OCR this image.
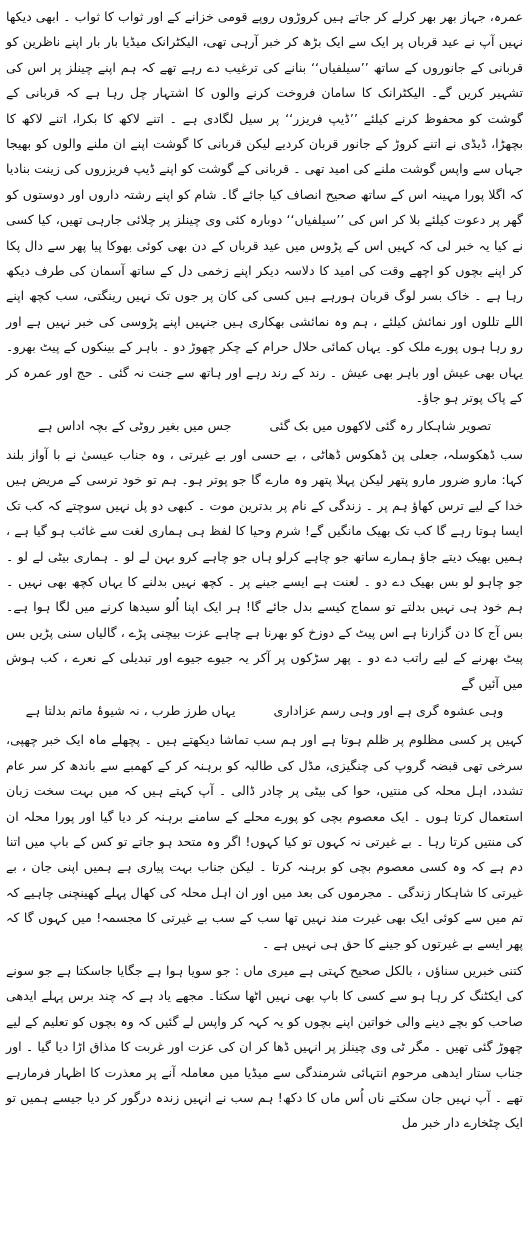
عمرہ، جہاز بھر بھر کرلے کر جاتے ہیں کروڑوں روپے قومی خزانے کے اور ثواب کا ثواب ۔ ابھی دیکھا نہیں آپ نے عید قرباں پر ایک سے ایک بڑھ کر خبر آرہی تھی، الیکٹرانک میڈیا بار بار اپنے ناظرین کو قربانی کے جانوروں کے ساتھ ’’سیلفیاں‘‘ بنانے کی ترغیب دے رہے تھے کہ ہم اپنے چینلز پر اس کی تشہیر کریں گے۔ الیکٹرانک کا سامان فروخت کرنے والوں کا اشتہار چل رہا ہے کہ قربانی کے گوشت کو محفوظ کرنے کیلئے ’’ڈیپ فریزر‘‘ پر سیل لگادی ہے ۔ اتنے لاکھ کا بکرا، اتنے لاکھ کا بچھڑا، ڈیڈی نے اتنے کروڑ کے جانور قربان کردیے لیکن قربانی کا گوشت اپنے ان ملنے والوں کو بھیجا جہاں سے واپس گوشت ملنے کی امید تھی ۔ قربانی کے گوشت کو اپنے ڈیپ فریزروں کی زینت بنادیا کہ اگلا پورا مہینہ اس کے ساتھ صحیح انصاف کیا جائے گا۔ شام کو اپنے رشتہ داروں اور دوستوں کو گھر پر دعوت کیلئے بلا کر اس کی ’’سیلفیاں‘‘ دوبارہ کئی وی چینلز پر چلائی جارہی تھیں، کیا کسی نے کیا یہ خبر لی کہ کہیں اس کے پڑوس میں عید قرباں کے دن بھی کوئی بھوکا پیا پھر سے دال پکا کر اپنے بچوں کو اچھے وقت کی امید کا دلاسہ دیکر اپنے زخمی دل کے ساتھ آسمان کی طرف دیکھ رہا ہے ۔ خاک بسر لوگ قربان ہورہے ہیں کسی کی کان پر جوں تک نہیں رینگتی، سب کچھ اپنے اللے تللوں اور نمائش کیلئے ، ہم وہ نمائشی بھکاری ہیں جنہیں اپنے پڑوسی کی خبر نہیں ہے اور رو رہا ہوں پورے ملک کو۔ یہاں کمائی حلال حرام کے چکر چھوڑ دو ۔ باہر کے بینکوں کے پیٹ بھرو۔ یہاں بھی عیش اور باہر بھی عیش ۔ رند کے رند رہے اور ہاتھ سے جنت نہ گئی ۔ حج اور عمرہ کر کے پاک پوتر ہو جاؤ۔

تصویر شاہکار رہ گئی لاکھوں میں بک گئی
جس میں بغیر روٹی کے بچہ اداس ہے

سب ڈھکوسلہ، جعلی پن ڈھکوس ڈھاٹی ، بے حسی اور بے غیرتی ، وہ جناب عیسیٰ نے با آواز بلند کہا: مارو ضرور مارو پتھر لیکن پہلا پتھر وہ مارے گا جو پوتر ہو۔ ہم تو خود ترسی کے مریض ہیں خدا کے لیے ترس کھاؤ ہم پر ۔ زندگی کے نام پر بدترین موت ۔ کبھی دو پل نہیں سوچتے کہ کب تک ایسا ہوتا رہے گا کب تک بھیک مانگیں گے! شرم وحیا کا لفظ ہی ہماری لغت سے غائب ہو گیا ہے ، ہمیں بھیک دیتے جاؤ ہمارے ساتھ جو چاہے کرلو ہاں جو چاہے کرو بہن لے لو ۔ ہماری بیٹی لے لو ۔ جو چاہو لو بس بھیک دے دو ۔ لعنت ہے ایسے جینے پر ۔ کچھ نہیں بدلنے کا یہاں کچھ بھی نہیں ۔ ہم خود ہی نہیں بدلتے تو سماج کیسے بدل جائے گا! ہر ایک اپنا اُلو سیدھا کرنے میں لگا ہوا ہے۔ بس آج کا دن گزارنا ہے اس پیٹ کے دوزخ کو بھرنا ہے چاہے عزت بیچنی پڑے ، گالیاں سنی پڑیں بس پیٹ بھرنے کے لیے راتب دے دو ۔ پھر سڑکوں پر آکر یہ جیوے جیوے اور تبدیلی کے نعرے ، کب ہوش میں آئیں گے

وہی عشوہ گری ہے اور وہی رسم عزاداری
یہاں طرز طرب ، نہ شیوۂ ماتم بدلتا ہے

کہیں پر کسی مظلوم پر ظلم ہوتا ہے اور ہم سب تماشا دیکھتے ہیں ۔ پچھلے ماہ ایک خبر چھپی، سرخی تھی قبضہ گروپ کی چنگیزی، مڈل کی طالبہ کو برہنہ کر کے کھمبے سے باندھ کر سر عام تشدد، اہل محلہ کی منتیں، حوا کی بیٹی پر چادر ڈالی ۔ آپ کہتے ہیں کہ میں بہت سخت زبان استعمال کرتا ہوں ۔ ایک معصوم بچی کو پورے محلے کے سامنے برہنہ کر دیا گیا اور پورا محلہ ان کی منتیں کرتا رہا ۔ بے غیرتی نہ کہوں تو کیا کہوں! اگر وہ متحد ہو جاتے تو کس کے باپ میں اتنا دم ہے کہ وہ کسی معصوم بچی کو برہنہ کرتا ۔ لیکن جناب بہت پیاری ہے ہمیں اپنی جان ، بے غیرتی کا شاہکار زندگی ۔ مجرموں کی بعد میں اور ان اہل محلہ کی کھال پہلے کھینچنی چاہیے کہ تم میں سے کوئی ایک بھی غیرت مند نہیں تھا سب کے سب بے غیرتی کا مجسمہ! میں کہوں گا کہ پھر ایسے بے غیرتوں کو جینے کا حق ہی نہیں ہے ۔

کتنی خبریں سناؤں ، بالکل صحیح کہتی ہے میری ماں : جو سویا ہوا ہے جگایا جاسکتا ہے جو سونے کی ایکٹنگ کر رہا ہو سے کسی کا باپ بھی نہیں اٹھا سکتا۔ مجھے یاد ہے کہ چند برس پہلے ایدھی صاحب کو بچے دینے والی خواتین اپنے بچوں کو یہ کہہ کر واپس لے گئیں کہ وہ بچوں کو تعلیم کے لیے چھوڑ گئی تھیں ۔ مگر ٹی وی چینلز پر انہیں ڈھا کر ان کی عزت اور غربت کا مذاق اڑا دیا گیا ۔ اور جناب ستار ایدھی مرحوم انتہائی شرمندگی سے میڈیا میں معاملہ آنے پر معذرت کا اظہار فرمارہے تھے ۔ آپ نہیں جان سکتے ناں اُس ماں کا دکھ! ہم سب نے انہیں زندہ درگور کر دیا جیسے ہمیں تو ایک چٹخارے دار خبر مل
